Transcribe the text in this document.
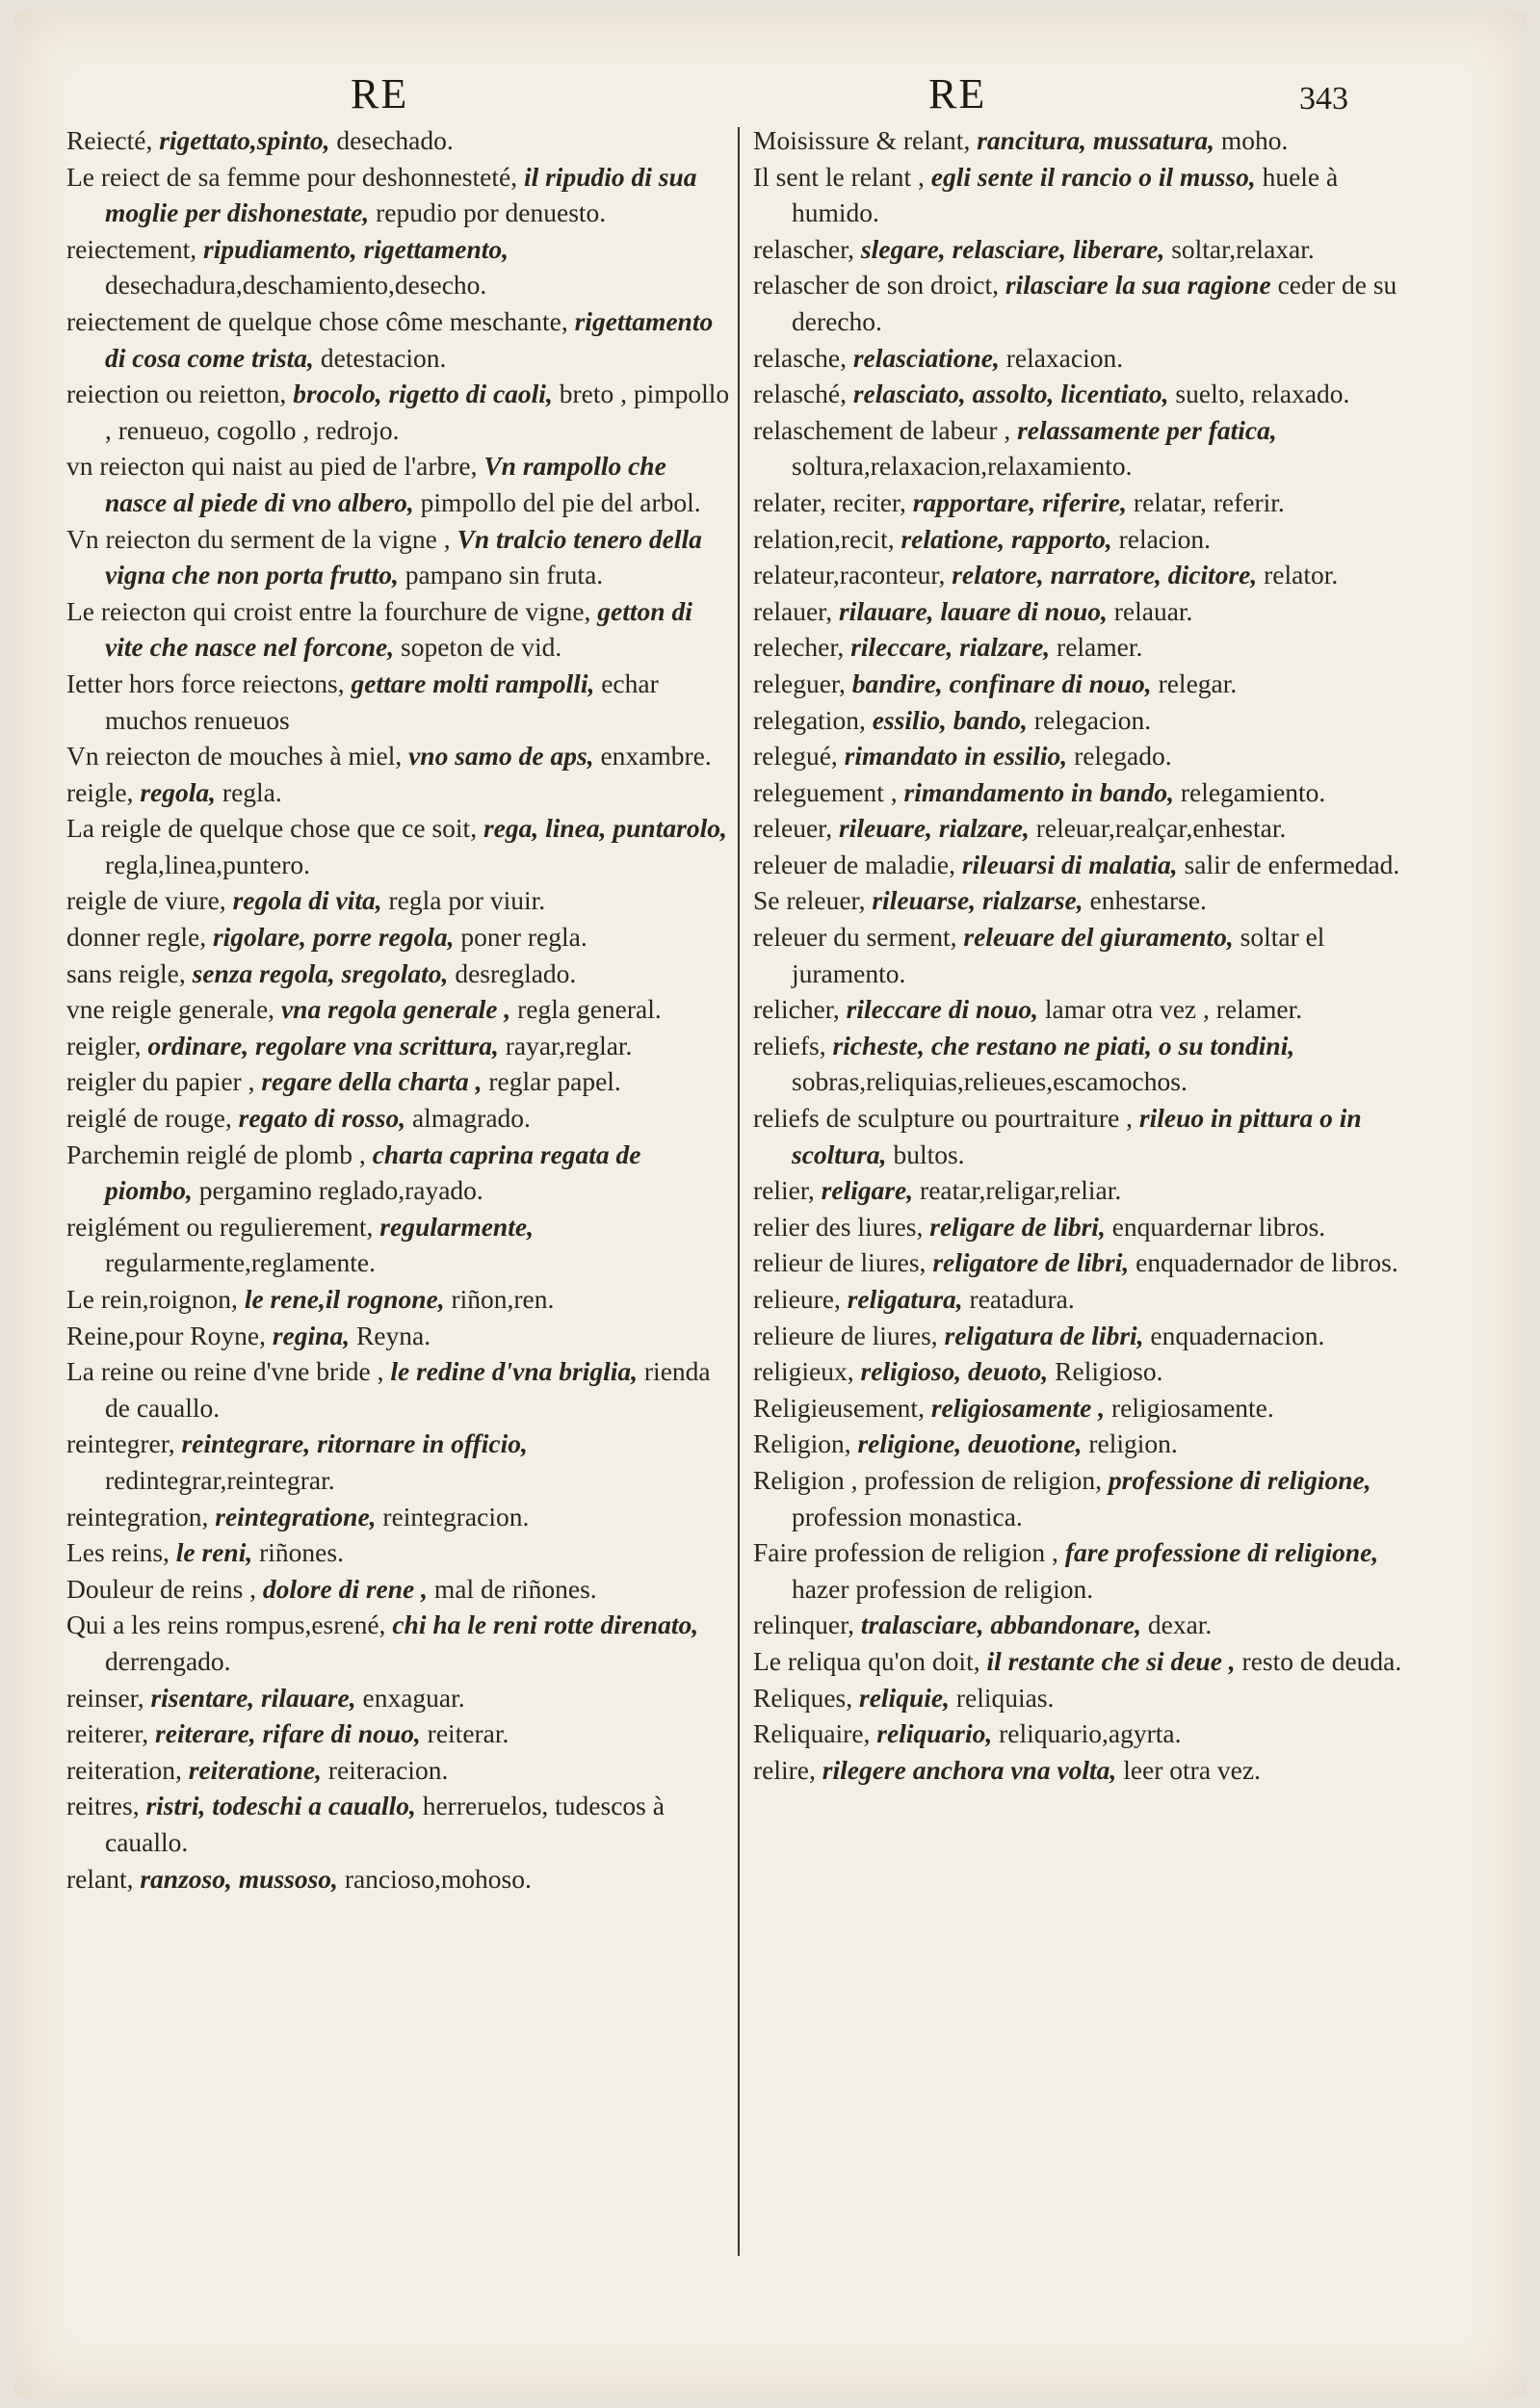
RE	RE	343

Reiecté, rigettato,spinto, desechado.

Le reiect de sa femme pour deshonnesteté, il ripudio di sua moglie per dishonestate, repudio por denuesto.

reiectement, ripudiamento, rigettamento, desechadura,deschamiento,desecho.

reiectement de quelque chose côme meschante, rigettamento di cosa come trista, detestacion.

reiection ou reietton, brocolo, rigetto di caoli, breto , pimpollo , renueuo, cogollo , redrojo.

vn reiecton qui naist au pied de l'arbre, Vn rampollo che nasce al piede di vno albero, pimpollo del pie del arbol.

Vn reiecton du serment de la vigne , Vn tralcio tenero della vigna che non porta frutto, pampano sin fruta.

Le reiecton qui croist entre la fourchure de vigne, getton di vite che nasce nel forcone, sopeton de vid.

Ietter hors force reiectons, gettare molti rampolli, echar muchos renueuos

Vn reiecton de mouches à miel, vno samo de aps, enxambre.

reigle, regola, regla.

La reigle de quelque chose que ce soit, rega, linea, puntarolo, regla,linea,puntero.

reigle de viure, regola di vita, regla por viuir.

donner regle, rigolare, porre regola, poner regla.

sans reigle, senza regola, sregolato, desreglado.

vne reigle generale, vna regola generale , regla general.

reigler, ordinare, regolare vna scrittura, rayar,reglar.

reigler du papier , regare della charta , reglar papel.

reiglé de rouge, regato di rosso, almagrado.

Parchemin reiglé de plomb , charta caprina regata de piombo, pergamino reglado,rayado.

reiglément ou regulierement, regularmente, regularmente,reglamente.

Le rein,roignon, le rene,il rognone, riñon,ren.

Reine,pour Royne, regina, Reyna.

La reine ou reine d'vne bride , le redine d'vna briglia, rienda de cauallo.

reintegrer, reintegrare, ritornare in officio, redintegrar,reintegrar.

reintegration, reintegratione, reintegracion.

Les reins, le reni, riñones.

Douleur de reins , dolore di rene , mal de riñones.

Qui a les reins rompus,esrené, chi ha le reni rotte direnato, derrengado.

reinser, risentare, rilauare, enxaguar.

reiterer, reiterare, rifare di nouo, reiterar.

reiteration, reiteratione, reiteracion.

reitres, ristri, todeschi a cauallo, herreruelos, tudescos à cauallo.

relant, ranzoso, mussoso, rancioso,mohoso.

Moisissure & relant, rancitura, mussatura, moho.

Il sent le relant , egli sente il rancio o il musso, huele à humido.

relascher, slegare, relasciare, liberare, soltar,relaxar.

relascher de son droict, rilasciare la sua ragione ceder de su derecho.

relasche, relasciatione, relaxacion.

relasché, relasciato, assolto, licentiato, suelto, relaxado.

relaschement de labeur , relassamente per fatica, soltura,relaxacion,relaxamiento.

relater, reciter, rapportare, riferire, relatar, referir.

relation,recit, relatione, rapporto, relacion.

relateur,raconteur, relatore, narratore, dicitore, relator.

relauer, rilauare, lauare di nouo, relauar.

relecher, rileccare, rialzare, relamer.

releguer, bandire, confinare di nouo, relegar.

relegation, essilio, bando, relegacion.

relegué, rimandato in essilio, relegado.

releguement , rimandamento in bando, relegamiento.

releuer, rileuare, rialzare, releuar,realçar,enhestar.

releuer de maladie, rileuarsi di malatia, salir de enfermedad.

Se releuer, rileuarse, rialzarse, enhestarse.

releuer du serment, releuare del giuramento, soltar el juramento.

relicher, rileccare di nouo, lamar otra vez , relamer.

reliefs, richeste, che restano ne piati, o su tondini, sobras,reliquias,relieues,escamochos.

reliefs de sculpture ou pourtraiture , rileuo in pittura o in scoltura, bultos.

relier, religare, reatar,religar,reliar.

relier des liures, religare de libri, enquardernar libros.

relieur de liures, religatore de libri, enquadernador de libros.

relieure, religatura, reatadura.

relieure de liures, religatura de libri, enquadernacion.

religieux, religioso, deuoto, Religioso.

Religieusement, religiosamente , religiosamente.

Religion, religione, deuotione, religion.

Religion , profession de religion, professione di religione, profession monastica.

Faire profession de religion , fare professione di religione, hazer profession de religion.

relinquer, tralasciare, abbandonare, dexar.

Le reliqua qu'on doit, il restante che si deue , resto de deuda.

Reliques, reliquie, reliquias.

Reliquaire, reliquario, reliquario,agyrta.

relire, rilegere anchora vna volta, leer otra vez.
